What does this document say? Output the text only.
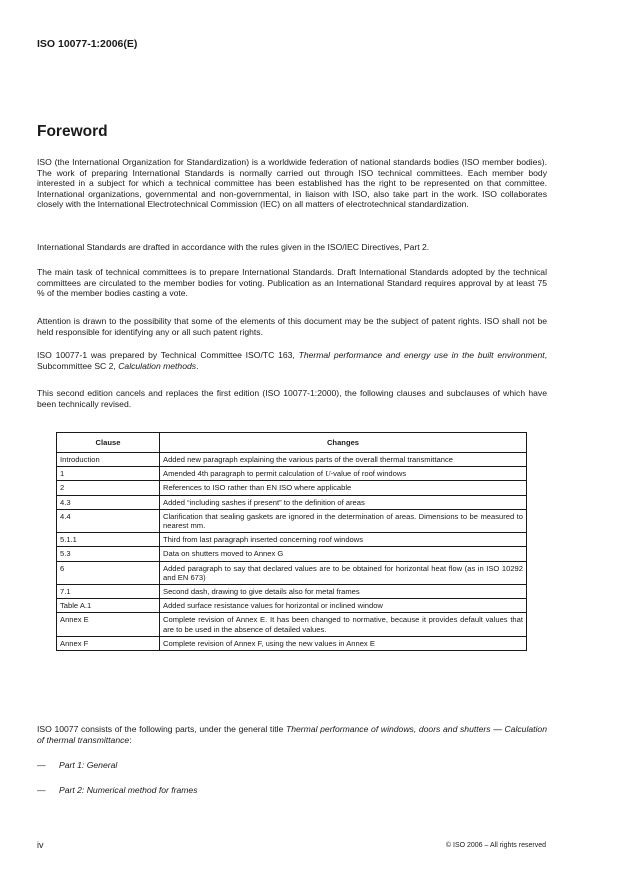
ISO 10077-1:2006(E)
Foreword
ISO (the International Organization for Standardization) is a worldwide federation of national standards bodies (ISO member bodies). The work of preparing International Standards is normally carried out through ISO technical committees. Each member body interested in a subject for which a technical committee has been established has the right to be represented on that committee. International organizations, governmental and non-governmental, in liaison with ISO, also take part in the work. ISO collaborates closely with the International Electrotechnical Commission (IEC) on all matters of electrotechnical standardization.
International Standards are drafted in accordance with the rules given in the ISO/IEC Directives, Part 2.
The main task of technical committees is to prepare International Standards. Draft International Standards adopted by the technical committees are circulated to the member bodies for voting. Publication as an International Standard requires approval by at least 75 % of the member bodies casting a vote.
Attention is drawn to the possibility that some of the elements of this document may be the subject of patent rights. ISO shall not be held responsible for identifying any or all such patent rights.
ISO 10077-1 was prepared by Technical Committee ISO/TC 163, Thermal performance and energy use in the built environment, Subcommittee SC 2, Calculation methods.
This second edition cancels and replaces the first edition (ISO 10077-1:2000), the following clauses and subclauses of which have been technically revised.
Clause	Changes
Introduction	Added new paragraph explaining the various parts of the overall thermal transmittance
1	Amended 4th paragraph to permit calculation of U-value of roof windows
2	References to ISO rather than EN ISO where applicable
4.3	Added “including sashes if present” to the definition of areas
4.4	Clarification that sealing gaskets are ignored in the determination of areas. Dimensions to be measured to nearest mm.
5.1.1	Third from last paragraph inserted concerning roof windows
5.3	Data on shutters moved to Annex G
6	Added paragraph to say that declared values are to be obtained for horizontal heat flow (as in ISO 10292 and EN 673)
7.1	Second dash, drawing to give details also for metal frames
Table A.1	Added surface resistance values for horizontal or inclined window
Annex E	Complete revision of Annex E. It has been changed to normative, because it provides default values that are to be used in the absence of detailed values.
Annex F	Complete revision of Annex F, using the new values in Annex E
ISO 10077 consists of the following parts, under the general title Thermal performance of windows, doors and shutters — Calculation of thermal transmittance:
— Part 1: General
— Part 2: Numerical method for frames
iv	© ISO 2006 – All rights reserved
